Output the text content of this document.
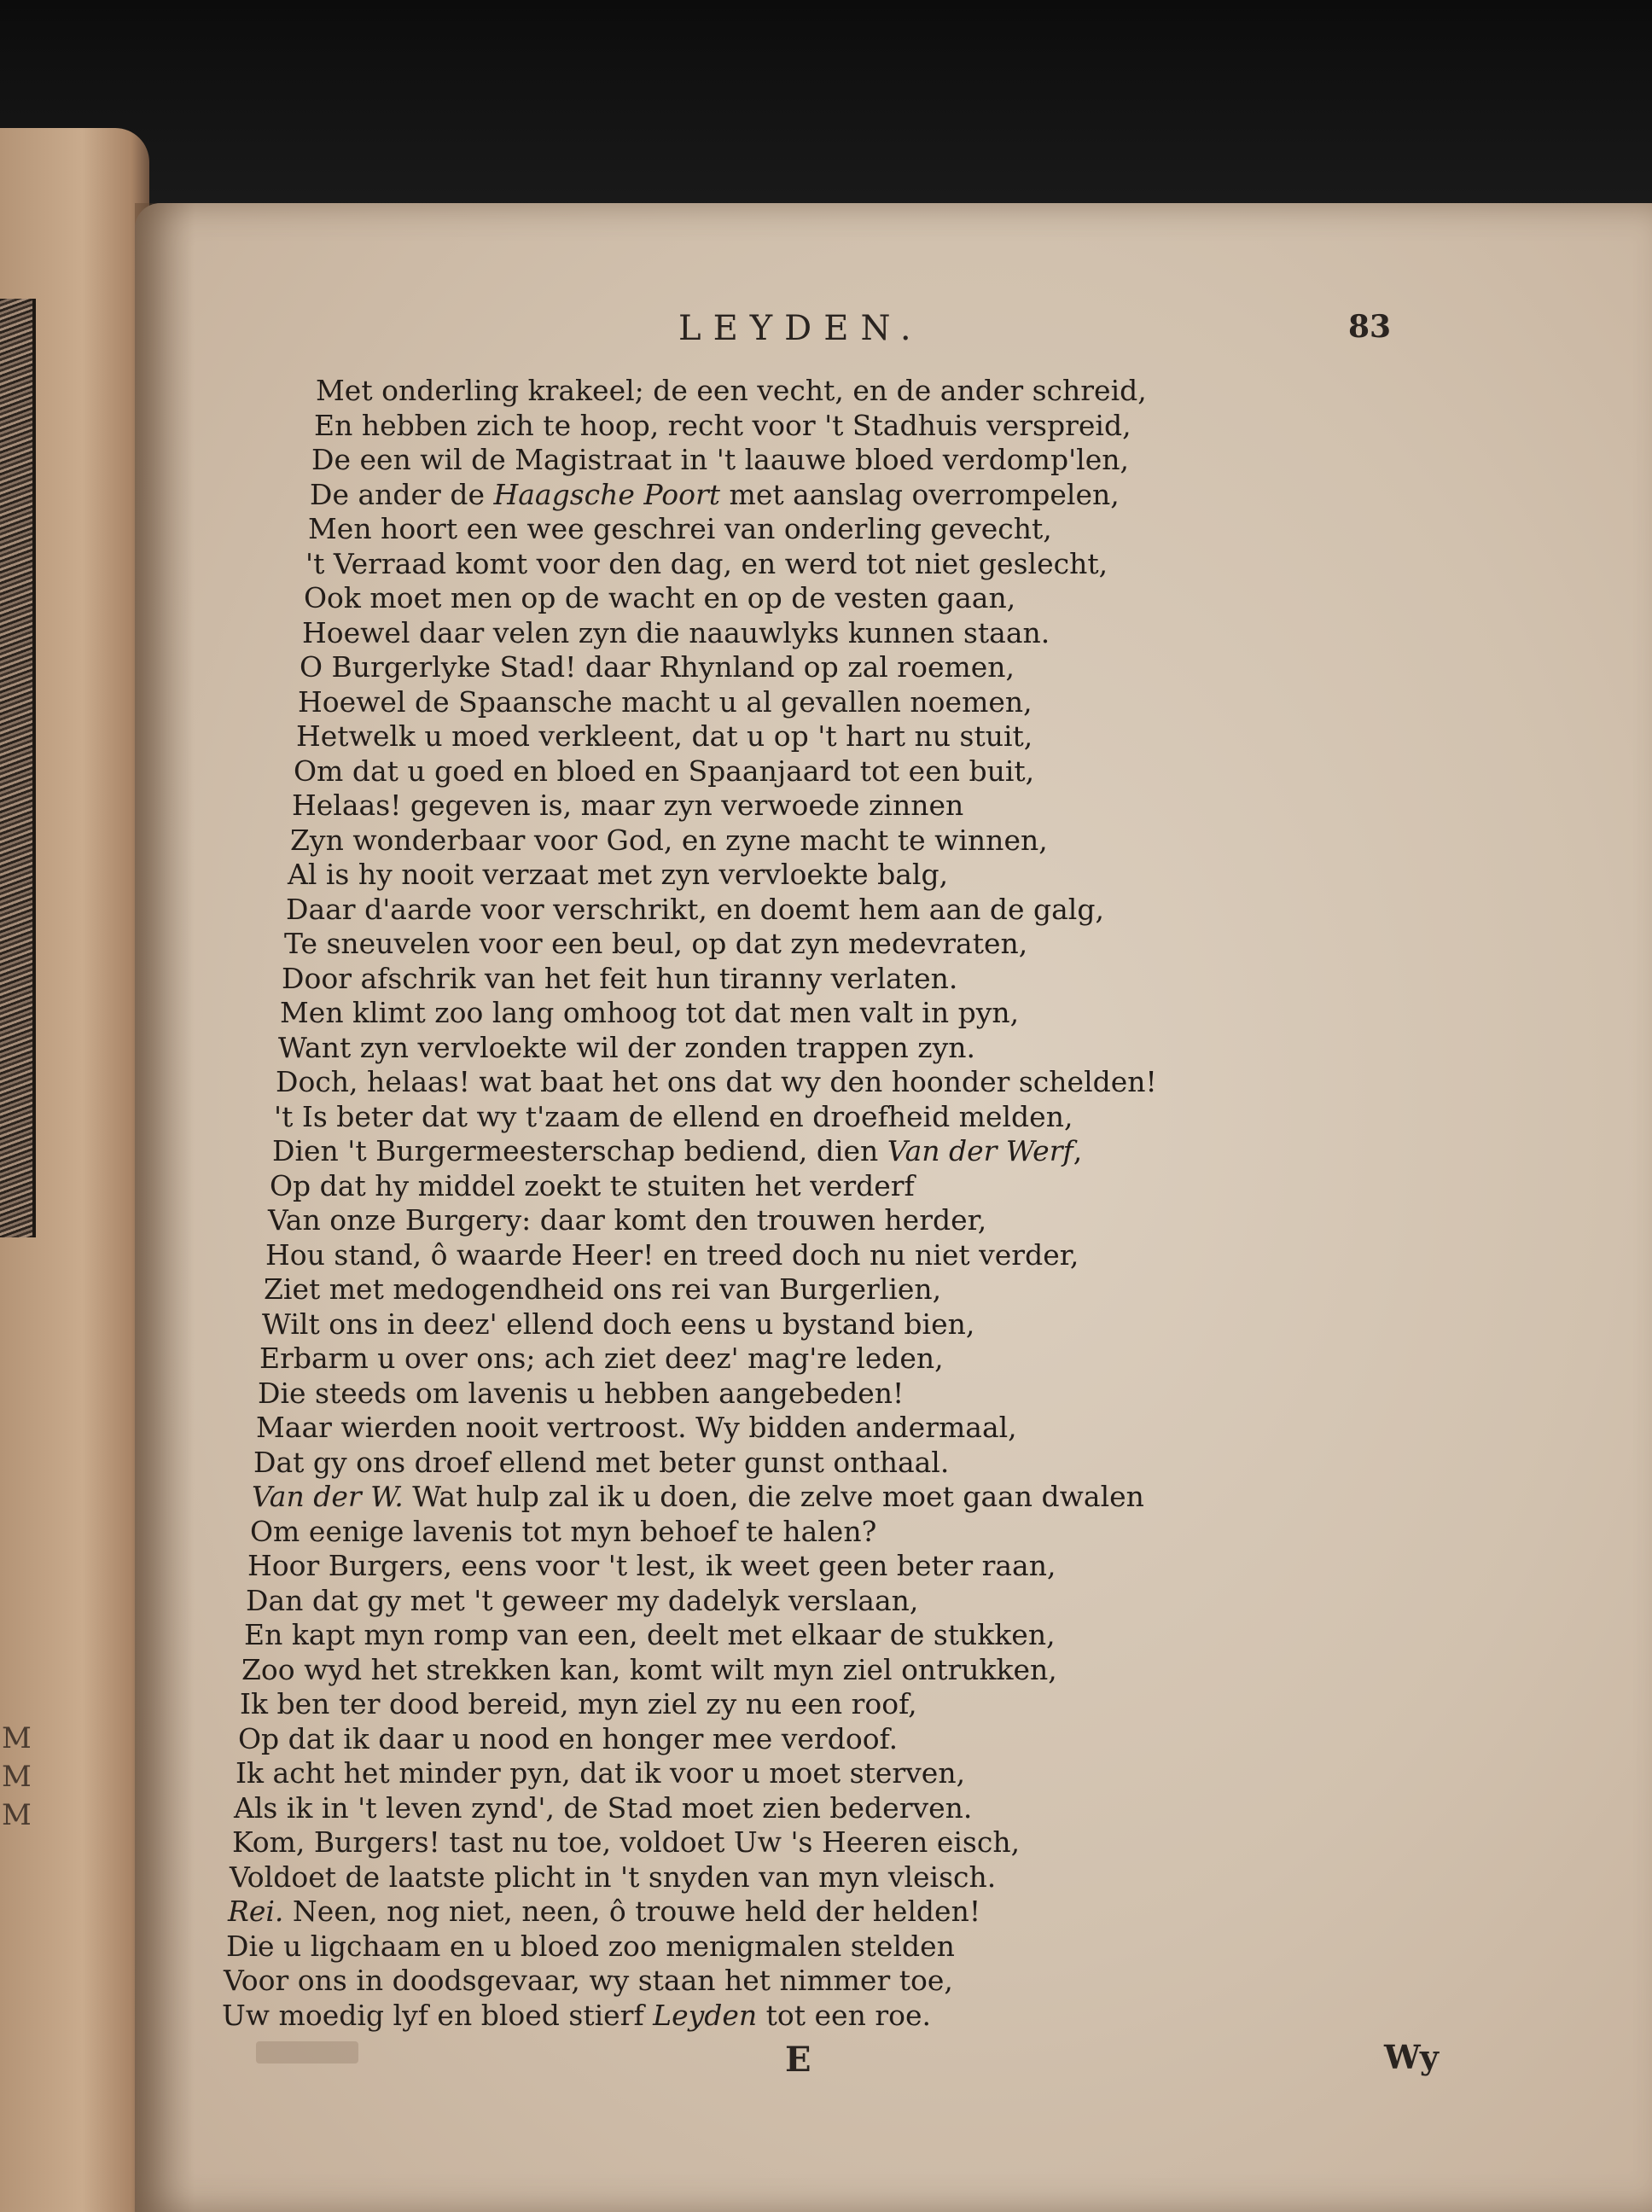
M
M
M
LEYDEN.	83
Met onderling krakeel; de een vecht, en de ander schreid,
En hebben zich te hoop, recht voor 't Stadhuis verspreid,
De een wil de Magistraat in 't laauwe bloed verdomp'len,
De ander de Haagsche Poort met aanslag overrompelen,
Men hoort een wee geschrei van onderling gevecht,
't Verraad komt voor den dag, en werd tot niet geslecht,
Ook moet men op de wacht en op de vesten gaan,
Hoewel daar velen zyn die naauwlyks kunnen staan.
O Burgerlyke Stad! daar Rhynland op zal roemen,
Hoewel de Spaansche macht u al gevallen noemen,
Hetwelk u moed verkleent, dat u op 't hart nu stuit,
Om dat u goed en bloed en Spaanjaard tot een buit,
Helaas! gegeven is, maar zyn verwoede zinnen
Zyn wonderbaar voor God, en zyne macht te winnen,
Al is hy nooit verzaat met zyn vervloekte balg,
Daar d'aarde voor verschrikt, en doemt hem aan de galg,
Te sneuvelen voor een beul, op dat zyn medevraten,
Door afschrik van het feit hun tiranny verlaten.
Men klimt zoo lang omhoog tot dat men valt in pyn,
Want zyn vervloekte wil der zonden trappen zyn.
Doch, helaas! wat baat het ons dat wy den hoonder schelden!
't Is beter dat wy t'zaam de ellend en droefheid melden,
Dien 't Burgermeesterschap bediend, dien Van der Werf,
Op dat hy middel zoekt te stuiten het verderf
Van onze Burgery: daar komt den trouwen herder,
Hou stand, ô waarde Heer! en treed doch nu niet verder,
Ziet met medogendheid ons rei van Burgerlien,
Wilt ons in deez' ellend doch eens u bystand bien,
Erbarm u over ons; ach ziet deez' mag're leden,
Die steeds om lavenis u hebben aangebeden!
Maar wierden nooit vertroost. Wy bidden andermaal,
Dat gy ons droef ellend met beter gunst onthaal.
Van der W. Wat hulp zal ik u doen, die zelve moet gaan dwalen
Om eenige lavenis tot myn behoef te halen?
Hoor Burgers, eens voor 't lest, ik weet geen beter raan,
Dan dat gy met 't geweer my dadelyk verslaan,
En kapt myn romp van een, deelt met elkaar de stukken,
Zoo wyd het strekken kan, komt wilt myn ziel ontrukken,
Ik ben ter dood bereid, myn ziel zy nu een roof,
Op dat ik daar u nood en honger mee verdoof.
Ik acht het minder pyn, dat ik voor u moet sterven,
Als ik in 't leven zynd', de Stad moet zien bederven.
Kom, Burgers! tast nu toe, voldoet Uw 's Heeren eisch,
Voldoet de laatste plicht in 't snyden van myn vleisch.
Rei. Neen, nog niet, neen, ô trouwe held der helden!
Die u ligchaam en u bloed zoo menigmalen stelden
Voor ons in doodsgevaar, wy staan het nimmer toe,
Uw moedig lyf en bloed stierf Leyden tot een roe.
E	Wy
